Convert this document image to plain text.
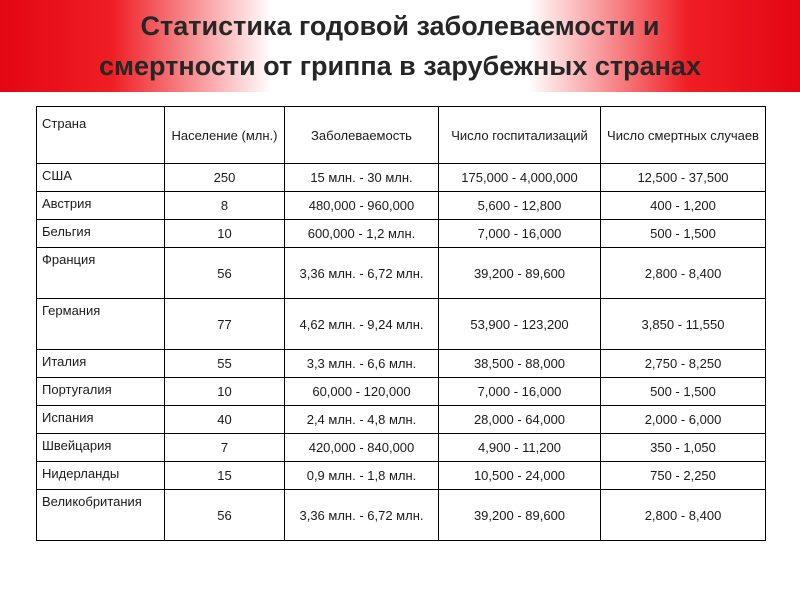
Статистика годовой заболеваемости и
смертности от гриппа в зарубежных странах
Страна	Население (млн.)	Заболеваемость	Число госпитализаций	Число смертных случаев
США	250	15 млн. - 30 млн.	175,000 - 4,000,000	12,500 - 37,500
Австрия	8	480,000 - 960,000	5,600 - 12,800	400 - 1,200
Бельгия	10	600,000 - 1,2 млн.	7,000 - 16,000	500 - 1,500
Франция	56	3,36 млн. - 6,72 млн.	39,200 - 89,600	2,800 - 8,400
Германия	77	4,62 млн. - 9,24 млн.	53,900 - 123,200	3,850 - 11,550
Италия	55	3,3 млн. - 6,6 млн.	38,500 - 88,000	2,750 - 8,250
Португалия	10	60,000 - 120,000	7,000 - 16,000	500 - 1,500
Испания	40	2,4 млн. - 4,8 млн.	28,000 - 64,000	2,000 - 6,000
Швейцария	7	420,000 - 840,000	4,900 - 11,200	350 - 1,050
Нидерланды	15	0,9 млн. - 1,8 млн.	10,500 - 24,000	750 - 2,250
Великобритания	56	3,36 млн. - 6,72 млн.	39,200 - 89,600	2,800 - 8,400
